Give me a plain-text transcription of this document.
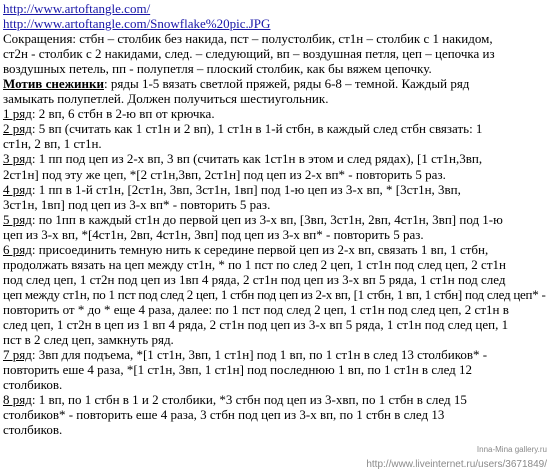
http://www.artoftangle.com/
http://www.artoftangle.com/Snowflake%20pic.JPG
Сокращения: стбн – столбик без накида, пст – полустолбик, ст1н – столбик с 1 накидом,
ст2н - столбик с 2 накидами, след. – следующий, вп – воздушная петля, цеп – цепочка из
воздушных петель, пп - полупетля – плоский столбик, как бы вяжем цепочку.
Мотив снежинки: ряды 1-5 вязать светлой пряжей, ряды 6-8 – темной. Каждый ряд
замыкать полупетлей. Должен получиться шестиугольник.
1 ряд: 2 вп, 6 стбн в 2-ю вп от крючка.
2 ряд: 5 вп (считать как 1 ст1н и 2 вп), 1 ст1н в 1-й стбн, в каждый след стбн связать: 1
ст1н, 2 вп, 1 ст1н.
3 ряд: 1 пп под цеп из 2-х вп, 3 вп (считать как 1ст1н в этом и след рядах), [1 ст1н,3вп,
2ст1н] под эту же цеп, *[2 ст1н,3вп, 2ст1н] под цеп из 2-х вп* - повторить 5 раз.
4 ряд: 1 пп в 1-й ст1н, [2ст1н, 3вп, 3ст1н, 1вп] под 1-ю цеп из 3-х вп, * [3ст1н, 3вп,
3ст1н, 1вп] под цеп из 3-х вп* - повторить 5 раз.
5 ряд: по 1пп в каждый ст1н до первой цеп из 3-х вп, [3вп, 3ст1н, 2вп, 4ст1н, 3вп] под 1-ю
цеп из 3-х вп, *[4ст1н, 2вп, 4ст1н, 3вп] под цеп из 3-х вп* - повторить 5 раз.
6 ряд: присоединить темную нить к середине первой цеп из 2-х вп, связать 1 вп, 1 стбн,
продолжать вязать на цеп между ст1н, * по 1 пст по след 2 цеп, 1 ст1н под след цеп, 2 ст1н
под след цеп, 1 ст2н под цеп из 1вп 4 ряда, 2 ст1н под цеп из 3-х вп 5 ряда, 1 ст1н под след
цеп между ст1н, по 1 пст под след 2 цеп, 1 стбн под цеп из 2-х вп, [1 стбн, 1 вп, 1 стбн] под след цеп* -
повторить от * до * еще 4 раза, далее: по 1 пст под след 2 цеп, 1 ст1н под след цеп, 2 ст1н в
след цеп, 1 ст2н в цеп из 1 вп 4 ряда, 2 ст1н под цеп из 3-х вп 5 ряда, 1 ст1н под след цеп, 1
пст в 2 след цеп, замкнуть ряд.
7 ряд: 3вп для подъема, *[1 ст1н, 3вп, 1 ст1н] под 1 вп, по 1 ст1н в след 13 столбиков* -
повторить еше 4 раза, *[1 ст1н, 3вп, 1 ст1н] под последнюю 1 вп, по 1 ст1н в след 12
столбиков.
8 ряд: 1 вп, по 1 стбн в 1 и 2 столбики, *3 стбн под цеп из 3-хвп, по 1 стбн в след 15
столбиков* - повторить еше 4 раза, 3 стбн под цеп из 3-х вп, по 1 стбн в след 13
столбиков.
Inna-Mina gallery.ru
http://www.liveinternet.ru/users/3671849/
